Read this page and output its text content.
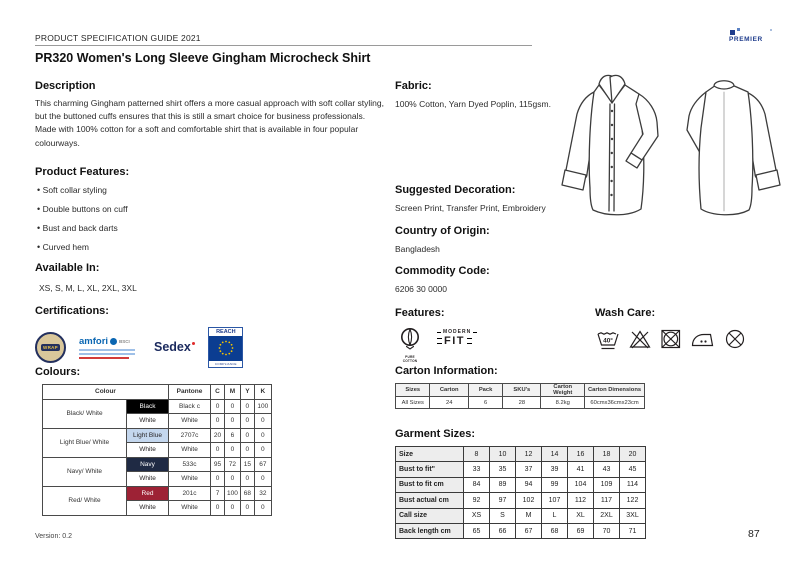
PRODUCT SPECIFICATION GUIDE 2021
PR320 Women's Long Sleeve Gingham Microcheck Shirt
PREMIER
Description
This charming Gingham patterned shirt offers a more casual approach with soft collar styling, but the buttoned cuffs ensures that this is still a smart choice for business professionals. Made with 100% cotton for a soft and comfortable shirt that is available in four popular colourways.
Product Features:
• Soft collar styling
• Double buttons on cuff
• Bust and back darts
• Curved hem
Available In:
XS, S, M, L, XL, 2XL, 3XL
Certifications:
WRAP
amfori BSCI Sedex
REACH
COMPLIANCE
Colours:
Colour		Pantone	C	M	Y	K
Black/ White	Black	Black c	0	0	0	100
	White	White	0	0	0	0
Light Blue/ White	Light Blue	2707c	20	6	0	0
	White	White	0	0	0	0
Navy/ White	Navy	533c	95	72	15	67
	White	White	0	0	0	0
Red/ White	Red	201c	7	100	68	32
	White	White	0	0	0	0
Fabric:
100% Cotton, Yarn Dyed Poplin, 115gsm.
Suggested Decoration:
Screen Print, Transfer Print, Embroidery
Country of Origin:
Bangladesh
Commodity Code:
6206 30 0000
Features:
PURE
COTTON
MODERN
FIT
Wash Care:
40°
Carton Information:
Sizes	Carton	Pack	SKU's	Carton Weight	Carton Dimensions
All Sizes	24	6	28	8.2kg	60cmx36cmx23cm
Garment Sizes:
Size	8	10	12	14	16	18	20
Bust to fit"	33	35	37	39	41	43	45
Bust to fit cm	84	89	94	99	104	109	114
Bust actual cm	92	97	102	107	112	117	122
Call size	XS	S	M	L	XL	2XL	3XL
Back length cm	65	66	67	68	69	70	71
Version: 0.2	87
